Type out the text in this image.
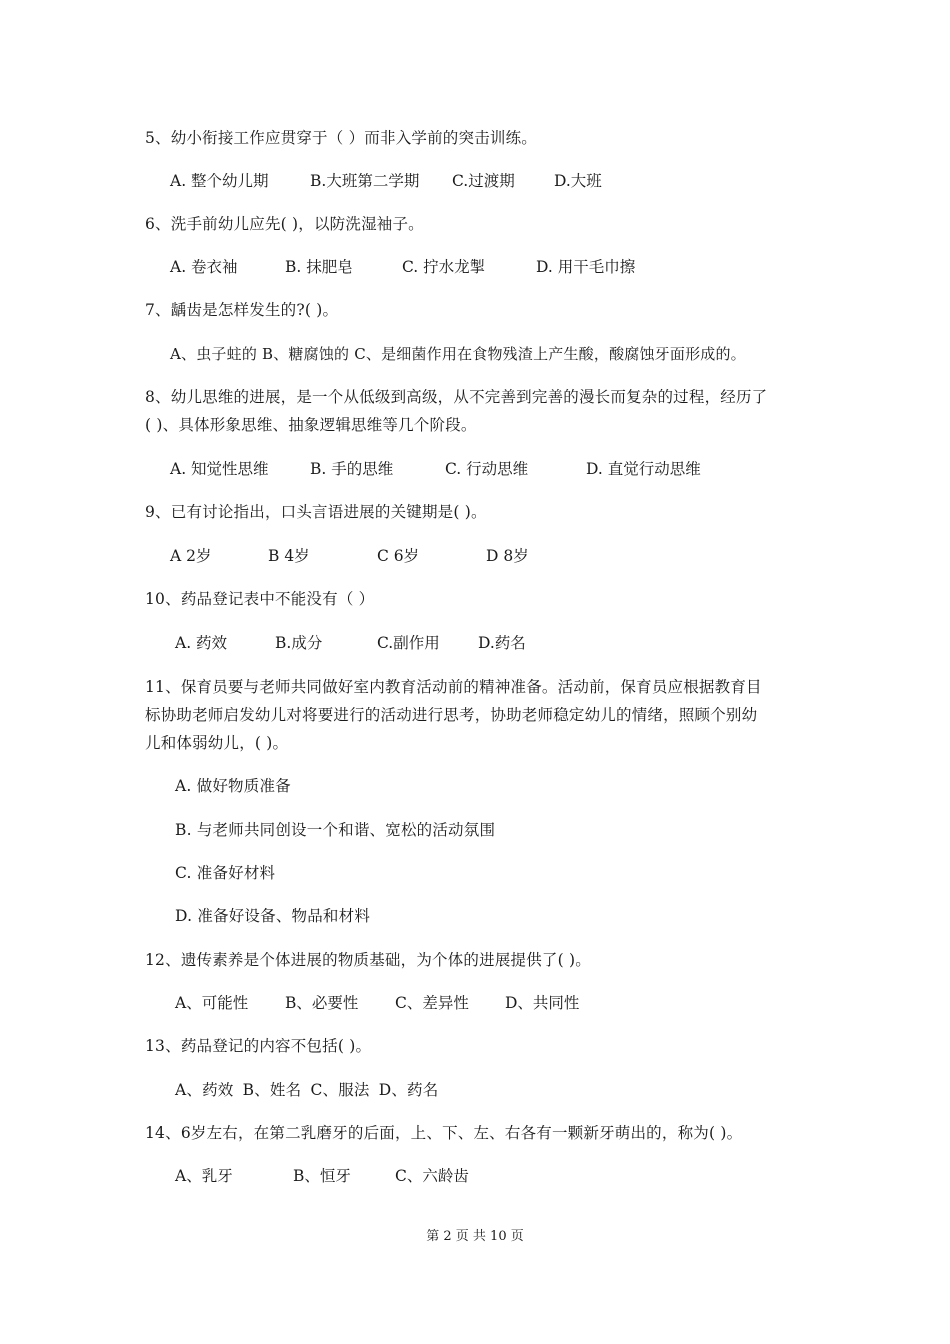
5、幼小衔接工作应贯穿于（ ）而非入学前的突击训练。
A. 整个幼儿期	B.大班第二学期 C.过渡期	D.大班
6、洗手前幼儿应先( )，以防洗湿袖子。
A. 卷衣袖	B. 抹肥皂	C. 拧水龙掣	D. 用干毛巾擦
7、龋齿是怎样发生的?( )。
A、虫子蛀的 B、糖腐蚀的 C、是细菌作用在食物残渣上产生酸，酸腐蚀牙面形成的。
8、幼儿思维的进展，是一个从低级到高级，从不完善到完善的漫长而复杂的过程，经历了
( )、具体形象思维、抽象逻辑思维等几个阶段。
A. 知觉性思维	B. 手的思维	C. 行动思维	D. 直觉行动思维
9、已有讨论指出，口头言语进展的关键期是( )。
A 2岁	B 4岁	C 6岁	D 8岁
10、药品登记表中不能没有（ ）
A. 药效	B.成分	C.副作用 D.药名
11、保育员要与老师共同做好室内教育活动前的精神准备。活动前，保育员应根据教育目
标协助老师启发幼儿对将要进行的活动进行思考，协助老师稳定幼儿的情绪，照顾个别幼
儿和体弱幼儿，( )。
A. 做好物质准备
B. 与老师共同创设一个和谐、宽松的活动氛围
C. 准备好材料
D. 准备好设备、物品和材料
12、遗传素养是个体进展的物质基础，为个体的进展提供了( )。
A、可能性 B、必要性 C、差异性 D、共同性
13、药品登记的内容不包括( )。
A、药效 B、姓名 C、服法 D、药名
14、6岁左右，在第二乳磨牙的后面，上、下、左、右各有一颗新牙萌出的，称为( )。
A、乳牙	B、恒牙	C、六龄齿
第 2 页 共 10 页
